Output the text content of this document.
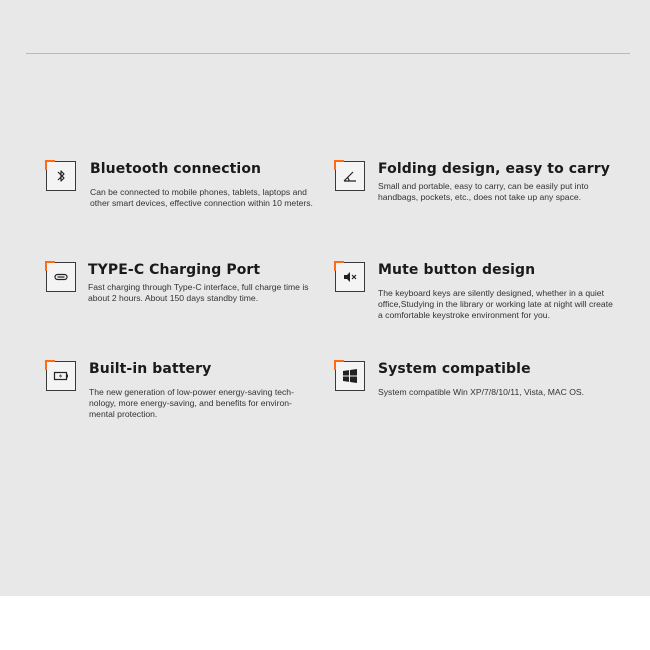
Bluetooth connection

Can be connected to mobile phones, tablets, laptops and other smart devices, effective connection within 10 meters.

Folding design, easy to carry

Small and portable, easy to carry, can be easily put into handbags, pockets, etc., does not take up any space.

TYPE-C Charging Port

Fast charging through Type-C interface, full charge time is about 2 hours. About 150 days standby time.

Mute button design

The keyboard keys are silently designed, whether in a quiet office,Studying in the library or working late at night will create a comfortable keystroke environment for you.

Built-in battery

The new generation of low-power energy-saving tech-nology, more energy-saving, and benefits for environ-mental protection.

System compatible

System compatible Win XP/7/8/10/11, Vista, MAC OS.
